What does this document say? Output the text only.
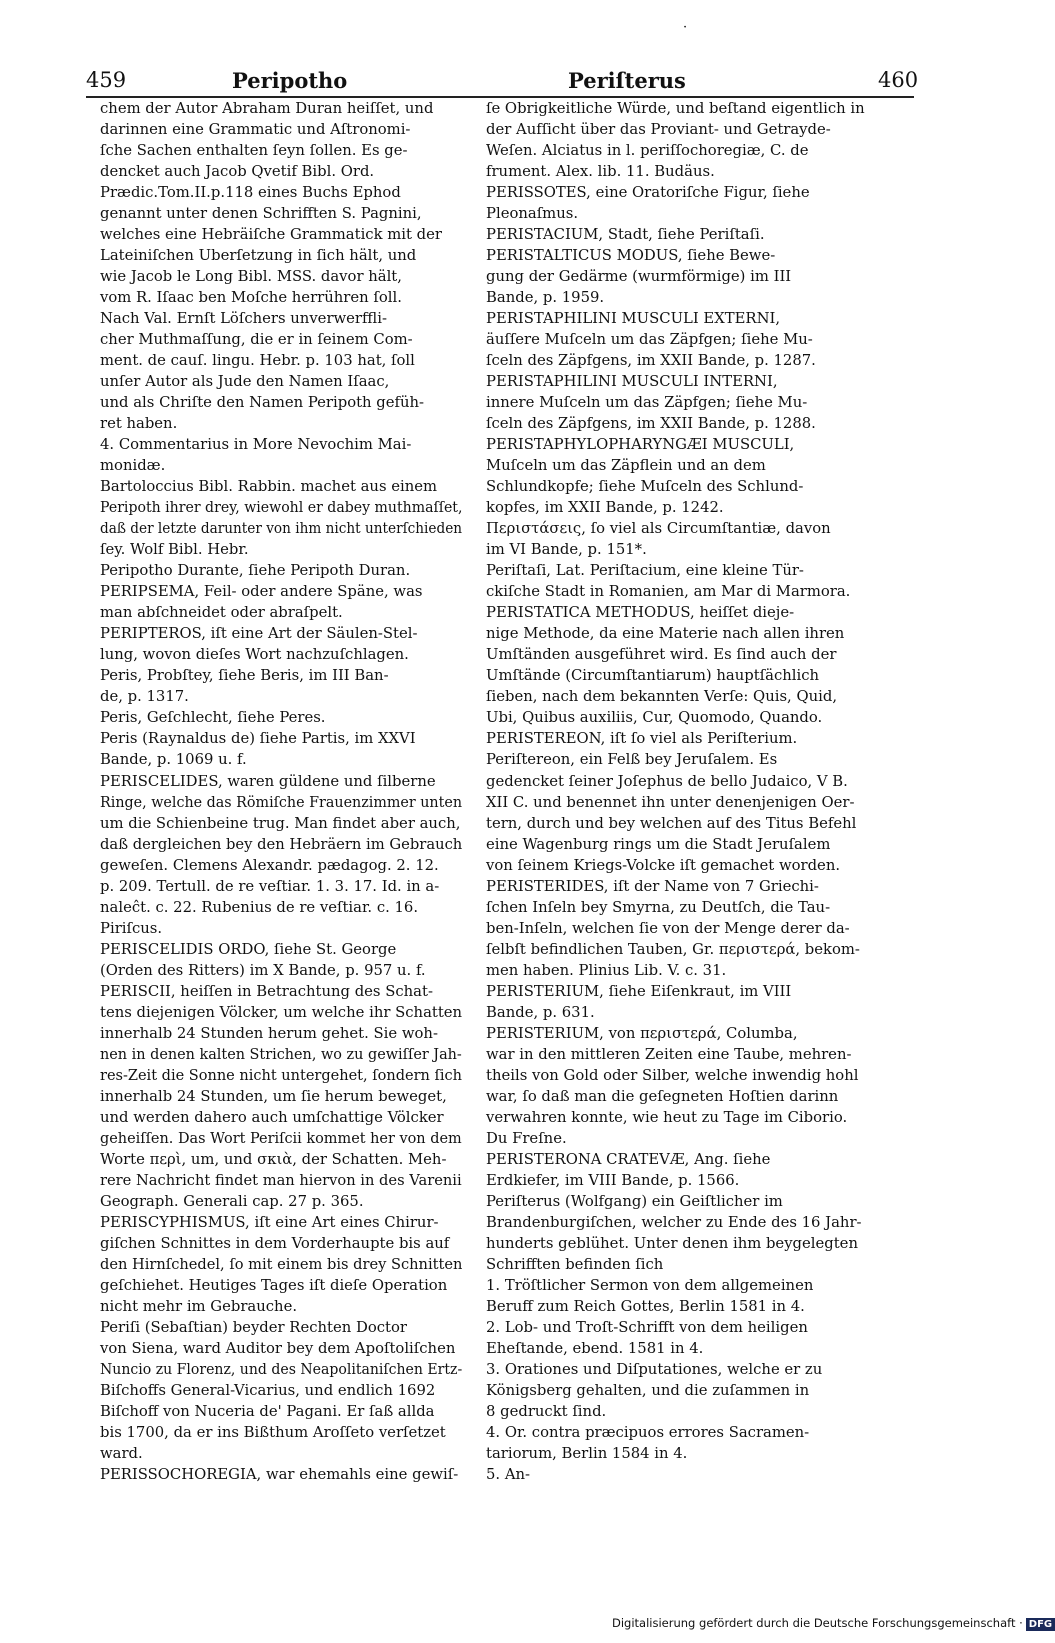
·
459	Peripotho	Periſterus	460
chem der Autor Abraham Duran heiſſet, und
darinnen eine Grammatic und Aſtronomi-
ſche Sachen enthalten ſeyn ſollen. Es ge-
dencket auch Jacob Qvetif Bibl. Ord.
Prædic.Tom.II.p.118 eines Buchs Ephod
genannt unter denen Schrifften S. Pagnini,
welches eine Hebräiſche Grammatick mit der
Lateiniſchen Uberſetzung in ſich hält, und
wie Jacob le Long Bibl. MSS. davor hält,
vom R. Iſaac ben Moſche herrühren ſoll.
Nach Val. Ernſt Löſchers unverwerffli-
cher Muthmaſſung, die er in ſeinem Com-
ment. de cauſ. lingu. Hebr. p. 103 hat, ſoll
unſer Autor als Jude den Namen Iſaac,
und als Chriſte den Namen Peripoth gefüh-
ret haben.
4. Commentarius in More Nevochim Mai-
monidæ.
Bartoloccius Bibl. Rabbin. machet aus einem
Peripoth ihrer drey, wiewohl er dabey muthmaſſet,
daß der letzte darunter von ihm nicht unterſchieden
ſey. Wolf Bibl. Hebr.
Peripotho Durante, ſiehe Peripoth Duran.
PERIPSEMA, Feil- oder andere Späne, was
man abſchneidet oder abraſpelt.
PERIPTEROS, iſt eine Art der Säulen-Stel-
lung, wovon dieſes Wort nachzuſchlagen.
Peris, Probſtey, ſiehe Beris, im III Ban-
de, p. 1317.
Peris, Geſchlecht, ſiehe Peres.
Peris (Raynaldus de) ſiehe Partis, im XXVI
Bande, p. 1069 u. f.
PERISCELIDES, waren güldene und ſilberne
Ringe, welche das Römiſche Frauenzimmer unten
um die Schienbeine trug. Man findet aber auch,
daß dergleichen bey den Hebräern im Gebrauch
geweſen. Clemens Alexandr. pædagog. 2. 12.
p. 209. Tertull. de re veſtiar. 1. 3. 17. Id. in a-
naleĉt. c. 22. Rubenius de re veſtiar. c. 16.
Piriſcus.
PERISCELIDIS ORDO, ſiehe St. George
(Orden des Ritters) im X Bande, p. 957 u. f.
PERISCII, heiſſen in Betrachtung des Schat-
tens diejenigen Völcker, um welche ihr Schatten
innerhalb 24 Stunden herum gehet. Sie woh-
nen in denen kalten Strichen, wo zu gewiſſer Jah-
res-Zeit die Sonne nicht untergehet, ſondern ſich
innerhalb 24 Stunden, um ſie herum beweget,
und werden dahero auch umſchattige Völcker
geheiſſen. Das Wort Periſcii kommet her von dem
Worte περὶ, um, und σκιὰ, der Schatten. Meh-
rere Nachricht findet man hiervon in des Varenii
Geograph. Generali cap. 27 p. 365.
PERISCYPHISMUS, iſt eine Art eines Chirur-
giſchen Schnittes in dem Vorderhaupte bis auf
den Hirnſchedel, ſo mit einem bis drey Schnitten
geſchiehet. Heutiges Tages iſt dieſe Operation
nicht mehr im Gebrauche.
Periſi (Sebaſtian) beyder Rechten Doctor
von Siena, ward Auditor bey dem Apoſtoliſchen
Nuncio zu Florenz, und des Neapolitaniſchen Ertz-
Biſchoffs General-Vicarius, und endlich 1692
Biſchoff von Nuceria de' Pagani. Er ſaß allda
bis 1700, da er ins Bißthum Aroſſeto verſetzet
ward.
PERISSOCHOREGIA, war ehemahls eine gewiſ-
ſe Obrigkeitliche Würde, und beſtand eigentlich in
der Aufſicht über das Proviant- und Getrayde-
Weſen. Alciatus in l. periſſochoregiæ, C. de
frument. Alex. lib. 11. Budäus.
PERISSOTES, eine Oratoriſche Figur, ſiehe
Pleonaſmus.
PERISTACIUM, Stadt, ſiehe Periſtaſi.
PERISTALTICUS MODUS, ſiehe Bewe-
gung der Gedärme (wurmförmige) im III
Bande, p. 1959.
PERISTAPHILINI MUSCULI EXTERNI,
äuſſere Muſceln um das Zäpfgen; ſiehe Mu-
ſceln des Zäpfgens, im XXII Bande, p. 1287.
PERISTAPHILINI MUSCULI INTERNI,
innere Muſceln um das Zäpfgen; ſiehe Mu-
ſceln des Zäpfgens, im XXII Bande, p. 1288.
PERISTAPHYLOPHARYNGÆI MUSCULI,
Muſceln um das Zäpflein und an dem
Schlundkopfe; ſiehe Muſceln des Schlund-
kopfes, im XXII Bande, p. 1242.
Περιστάσεις, ſo viel als Circumſtantiæ, davon
im VI Bande, p. 151*.
Periſtaſi, Lat. Periſtacium, eine kleine Tür-
ckiſche Stadt in Romanien, am Mar di Marmora.
PERISTATICA METHODUS, heiſſet dieje-
nige Methode, da eine Materie nach allen ihren
Umſtänden ausgeführet wird. Es ſind auch der
Umſtände (Circumſtantiarum) hauptſächlich
ſieben, nach dem bekannten Verſe: Quis, Quid,
Ubi, Quibus auxiliis, Cur, Quomodo, Quando.
PERISTEREON, iſt ſo viel als Periſterium.
Periſtereon, ein Felß bey Jeruſalem. Es
gedencket ſeiner Joſephus de bello Judaico, V B.
XII C. und benennet ihn unter denenjenigen Oer-
tern, durch und bey welchen auf des Titus Befehl
eine Wagenburg rings um die Stadt Jeruſalem
von ſeinem Kriegs-Volcke iſt gemachet worden.
PERISTERIDES, iſt der Name von 7 Griechi-
ſchen Inſeln bey Smyrna, zu Deutſch, die Tau-
ben-Inſeln, welchen ſie von der Menge derer da-
ſelbſt befindlichen Tauben, Gr. περιστερά, bekom-
men haben. Plinius Lib. V. c. 31.
PERISTERIUM, ſiehe Eiſenkraut, im VIII
Bande, p. 631.
PERISTERIUM, von περιστερά, Columba,
war in den mittleren Zeiten eine Taube, mehren-
theils von Gold oder Silber, welche inwendig hohl
war, ſo daß man die geſegneten Hoſtien darinn
verwahren konnte, wie heut zu Tage im Ciborio.
Du Freſne.
PERISTERONA CRATEVÆ, Ang. ſiehe
Erdkiefer, im VIII Bande, p. 1566.
Periſterus (Wolfgang) ein Geiſtlicher im
Brandenburgiſchen, welcher zu Ende des 16 Jahr-
hunderts geblühet. Unter denen ihm beygelegten
Schrifften befinden ſich
1. Tröſtlicher Sermon von dem allgemeinen
Beruff zum Reich Gottes, Berlin 1581 in 4.
2. Lob- und Troſt-Schrifft von dem heiligen
Eheſtande, ebend. 1581 in 4.
3. Orationes und Diſputationes, welche er zu
Königsberg gehalten, und die zuſammen in
8 gedruckt ſind.
4. Or. contra præcipuos errores Sacramen-
tariorum, Berlin 1584 in 4.
5. An-
Digitalisierung gefördert durch die Deutsche Forschungsgemeinschaft · DFG
